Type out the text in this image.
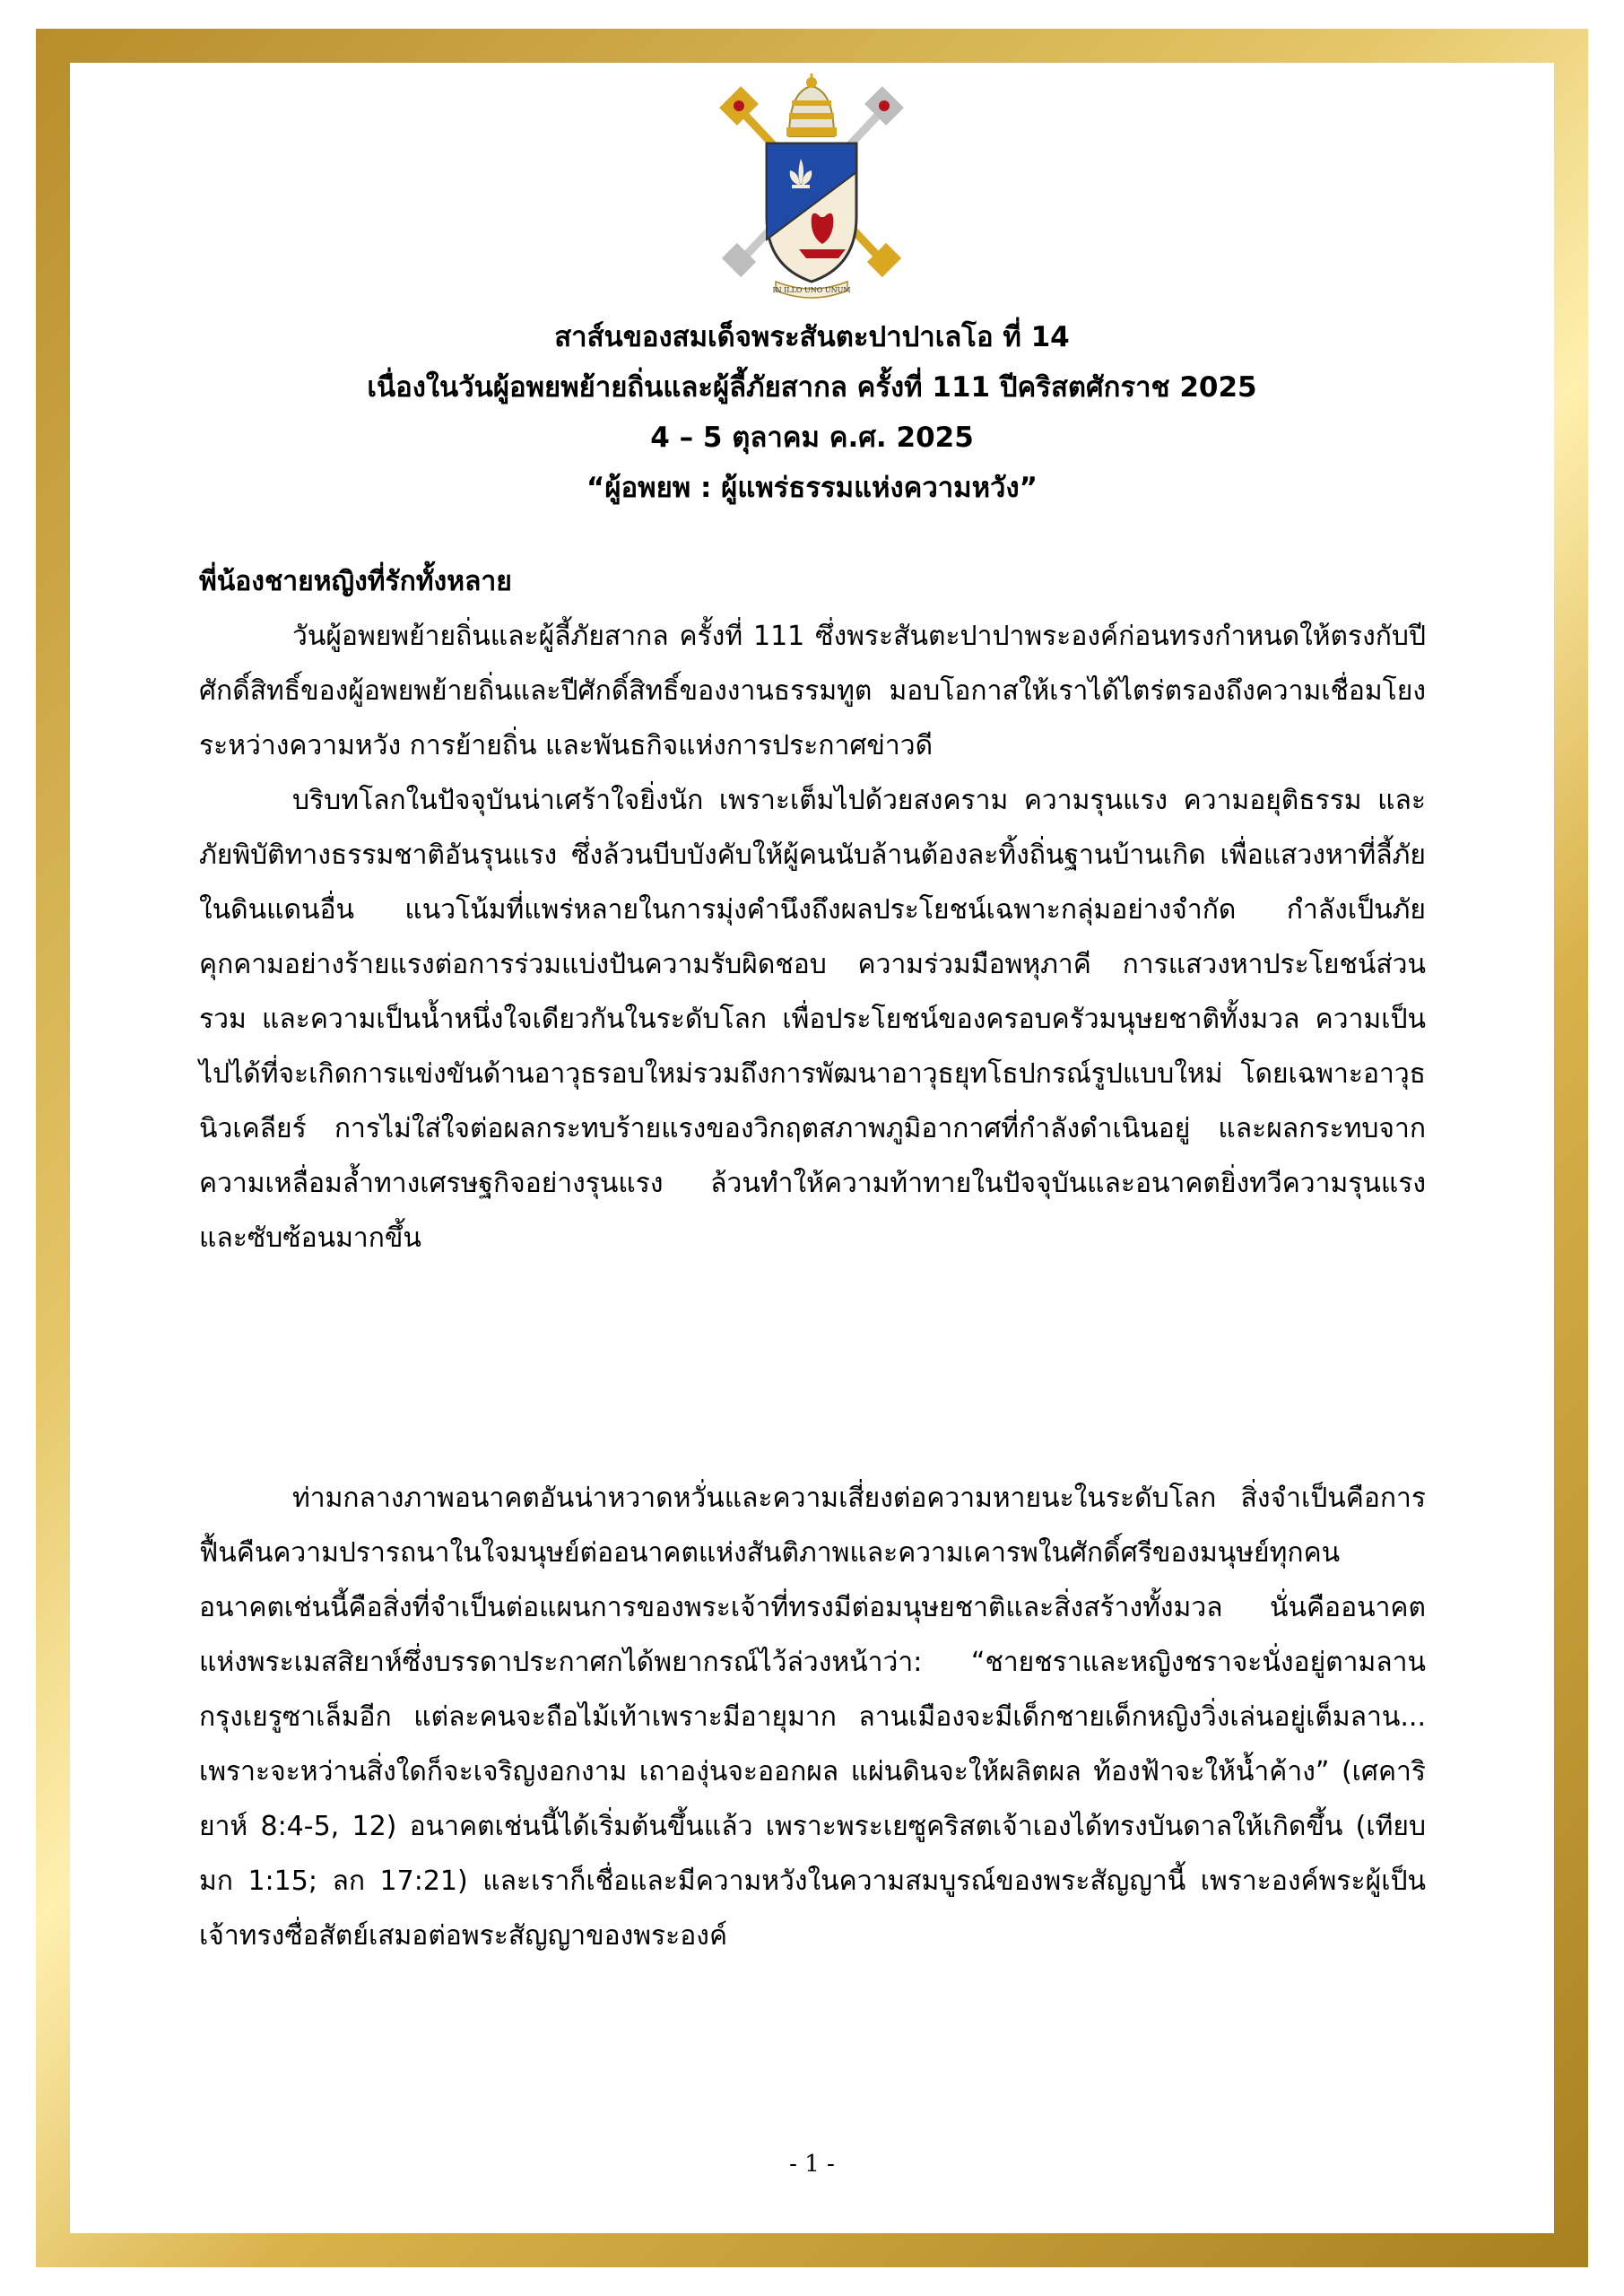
IN ILLO UNO UNUM
สาส์นของสมเด็จพระสันตะปาปาเลโอ ที่ 14
เนื่องในวันผู้อพยพย้ายถิ่นและผู้ลี้ภัยสากล ครั้งที่ 111 ปีคริสตศักราช 2025
4 – 5 ตุลาคม ค.ศ. 2025
“ผู้อพยพ : ผู้แพร่ธรรมแห่งความหวัง”
พี่น้องชายหญิงที่รักทั้งหลาย
วันผู้อพยพย้ายถิ่นและผู้ลี้ภัยสากล ครั้งที่ 111 ซึ่งพระสันตะปาปาพระองค์ก่อนทรงกำหนดให้ตรงกับปีศักดิ์สิทธิ์ของผู้อพยพย้ายถิ่นและปีศักดิ์สิทธิ์ของงานธรรมทูต มอบโอกาสให้เราได้ไตร่ตรองถึงความเชื่อมโยงระหว่างความหวัง การย้ายถิ่น และพันธกิจแห่งการประกาศข่าวดี
บริบทโลกในปัจจุบันน่าเศร้าใจยิ่งนัก เพราะเต็มไปด้วยสงคราม ความรุนแรง ความอยุติธรรม และภัยพิบัติทางธรรมชาติอันรุนแรง ซึ่งล้วนบีบบังคับให้ผู้คนนับล้านต้องละทิ้งถิ่นฐานบ้านเกิด เพื่อแสวงหาที่ลี้ภัยในดินแดนอื่น แนวโน้มที่แพร่หลายในการมุ่งคำนึงถึงผลประโยชน์เฉพาะกลุ่มอย่างจำกัด กำลังเป็นภัยคุกคามอย่างร้ายแรงต่อการร่วมแบ่งปันความรับผิดชอบ ความร่วมมือพหุภาคี การแสวงหาประโยชน์ส่วนรวม และความเป็นน้ำหนึ่งใจเดียวกันในระดับโลก เพื่อประโยชน์ของครอบครัวมนุษยชาติทั้งมวล ความเป็นไปได้ที่จะเกิดการแข่งขันด้านอาวุธรอบใหม่รวมถึงการพัฒนาอาวุธยุทโธปกรณ์รูปแบบใหม่ โดยเฉพาะอาวุธนิวเคลียร์ การไม่ใส่ใจต่อผลกระทบร้ายแรงของวิกฤตสภาพภูมิอากาศที่กำลังดำเนินอยู่ และผลกระทบจากความเหลื่อมล้ำทางเศรษฐกิจอย่างรุนแรง ล้วนทำให้ความท้าทายในปัจจุบันและอนาคตยิ่งทวีความรุนแรงและซับซ้อนมากขึ้น
ท่ามกลางภาพอนาคตอันน่าหวาดหวั่นและความเสี่ยงต่อความหายนะในระดับโลก สิ่งจำเป็นคือการฟื้นคืนความปรารถนาในใจมนุษย์ต่ออนาคตแห่งสันติภาพและความเคารพในศักดิ์ศรีของมนุษย์ทุกคน อนาคตเช่นนี้คือสิ่งที่จำเป็นต่อแผนการของพระเจ้าที่ทรงมีต่อมนุษยชาติและสิ่งสร้างทั้งมวล นั่นคืออนาคตแห่งพระเมสสิยาห์ซึ่งบรรดาประกาศกได้พยากรณ์ไว้ล่วงหน้าว่า: “ชายชราและหญิงชราจะนั่งอยู่ตามลานกรุงเยรูซาเล็มอีก แต่ละคนจะถือไม้เท้าเพราะมีอายุมาก ลานเมืองจะมีเด็กชายเด็กหญิงวิ่งเล่นอยู่เต็มลาน... เพราะจะหว่านสิ่งใดก็จะเจริญงอกงาม เถาองุ่นจะออกผล แผ่นดินจะให้ผลิตผล ท้องฟ้าจะให้น้ำค้าง” (เศคาริยาห์ 8:4-5, 12) อนาคตเช่นนี้ได้เริ่มต้นขึ้นแล้ว เพราะพระเยซูคริสตเจ้าเองได้ทรงบันดาลให้เกิดขึ้น (เทียบ มก 1:15; ลก 17:21) และเราก็เชื่อและมีความหวังในความสมบูรณ์ของพระสัญญานี้ เพราะองค์พระผู้เป็นเจ้าทรงซื่อสัตย์เสมอต่อพระสัญญาของพระองค์
- 1 -
